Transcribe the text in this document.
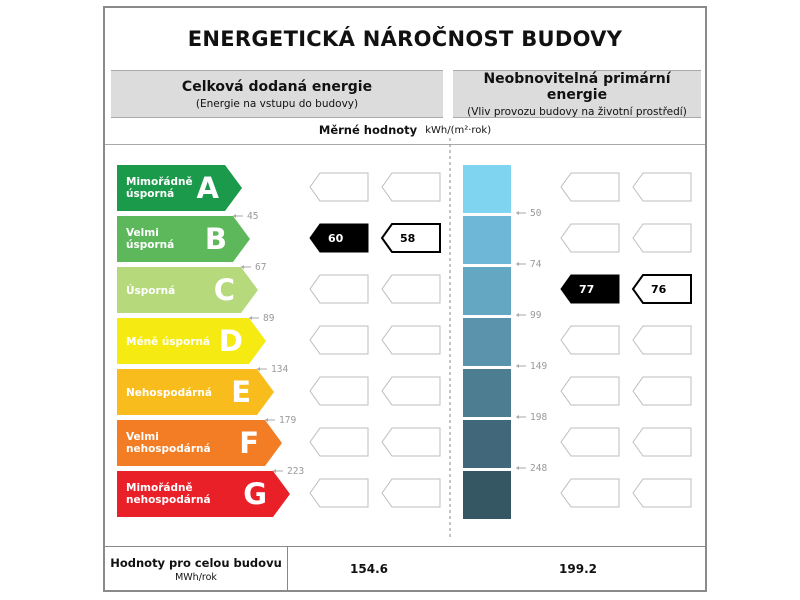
ENERGETICKÁ NÁROČNOST BUDOVY
Celková dodaná energie
(Energie na vstupu do budovy)
Neobnovitelná primární energie
(Vliv provozu budovy na životní prostředí)
Měrné hodnoty kWh/(m²·rok)
Mimořádně
úsporná A
Velmi
úsporná B
Úsporná C
Méně úsporná D
Nehospodárná E
Velmi
nehospodárná F
Mimořádně
nehospodárná G
45
67
89
134
179
223
50
74
99
149
198
248
60	58
77	76
Hodnoty pro celou budovu
MWh/rok
154.6	199.2
